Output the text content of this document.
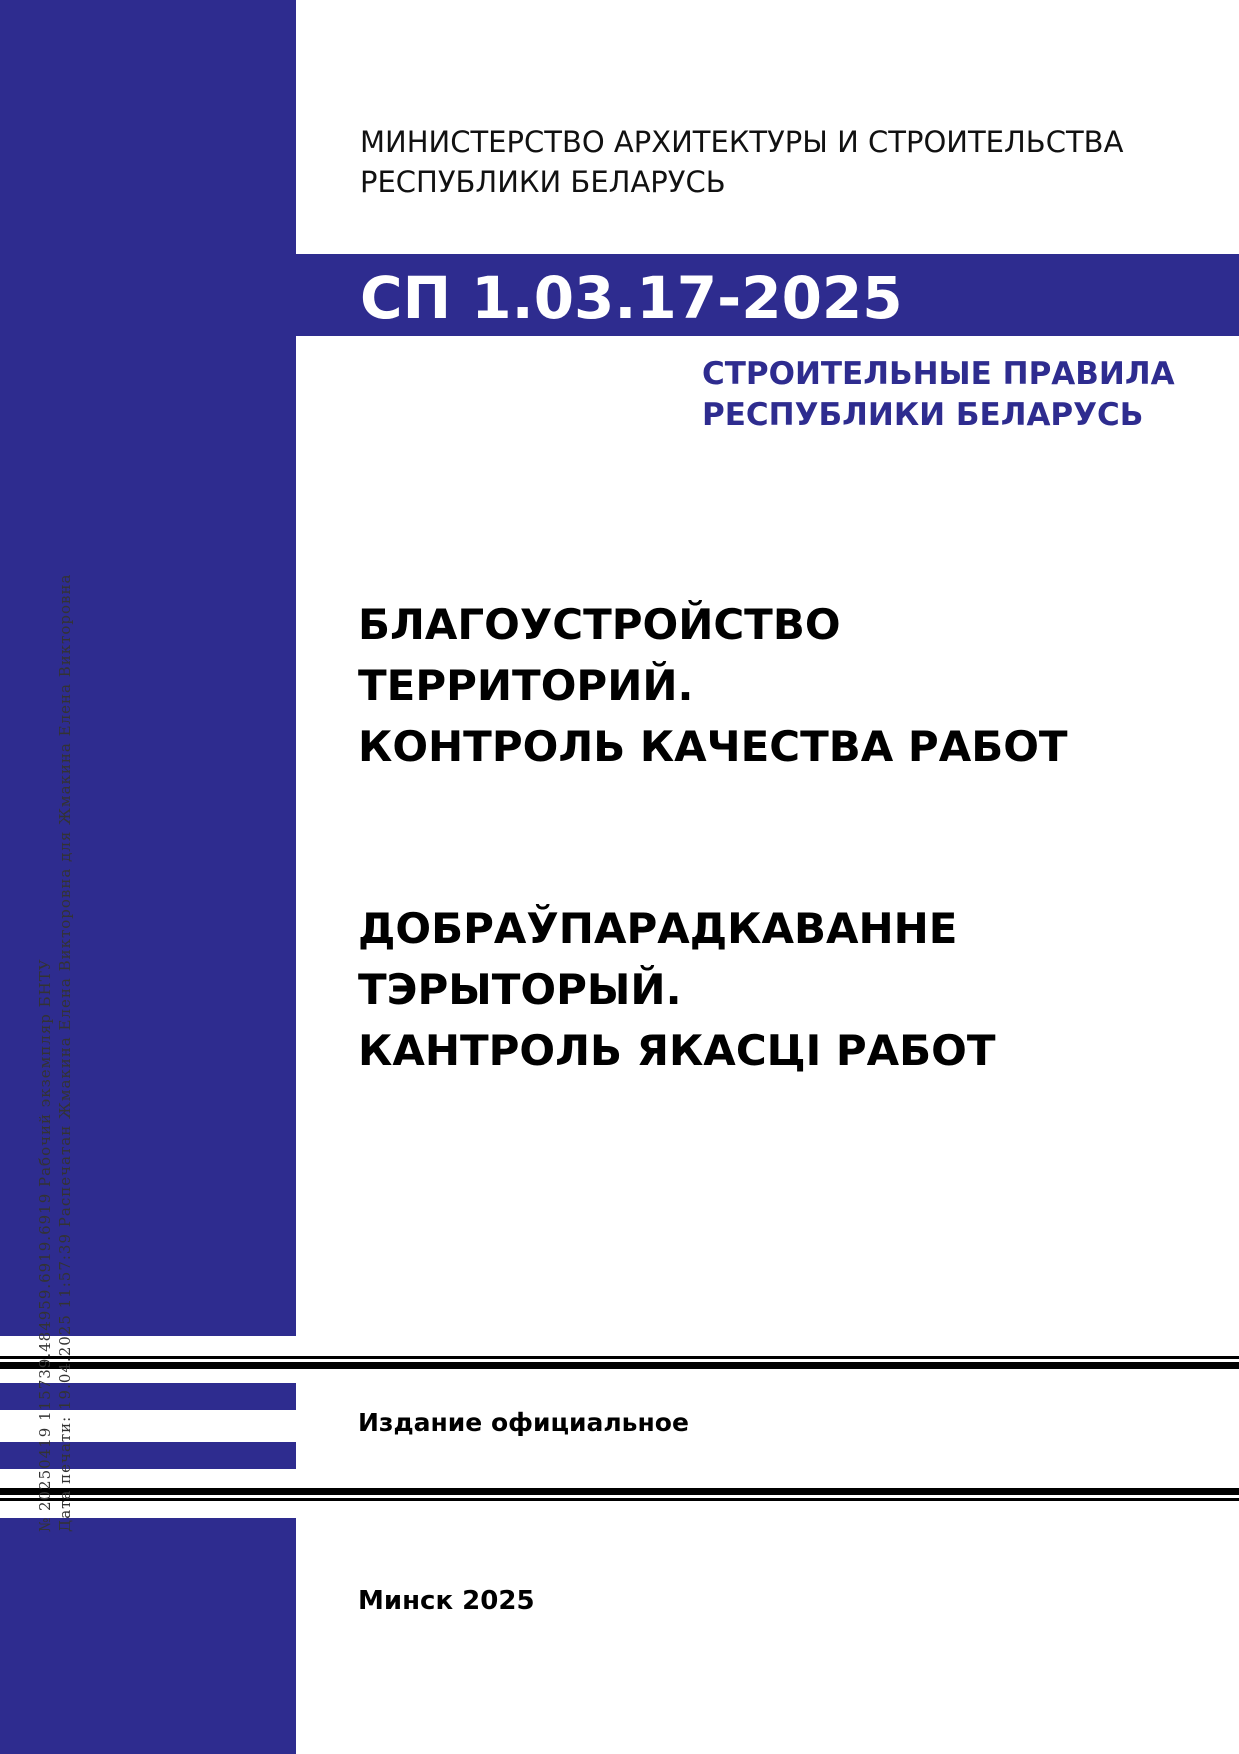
МИНИСТЕРСТВО АРХИТЕКТУРЫ И СТРОИТЕЛЬСТВА
РЕСПУБЛИКИ БЕЛАРУСЬ
СП 1.03.17-2025
СТРОИТЕЛЬНЫЕ ПРАВИЛА
РЕСПУБЛИКИ БЕЛАРУСЬ
БЛАГОУСТРОЙСТВО
ТЕРРИТОРИЙ.
КОНТРОЛЬ КАЧЕСТВА РАБОТ
ДОБРАЎПАРАДКАВАННЕ
ТЭРЫТОРЫЙ.
КАНТРОЛЬ ЯКАСЦІ РАБОТ
Издание официальное
Минск 2025
№ 20250419 115739.484959.6919.6919 Рабочий экземпляр БНТУ Дата печати: 19.04.2025 11:57:39 Распечатан Жмакина Елена Викторовна для Жмакина Елена Викторовна
